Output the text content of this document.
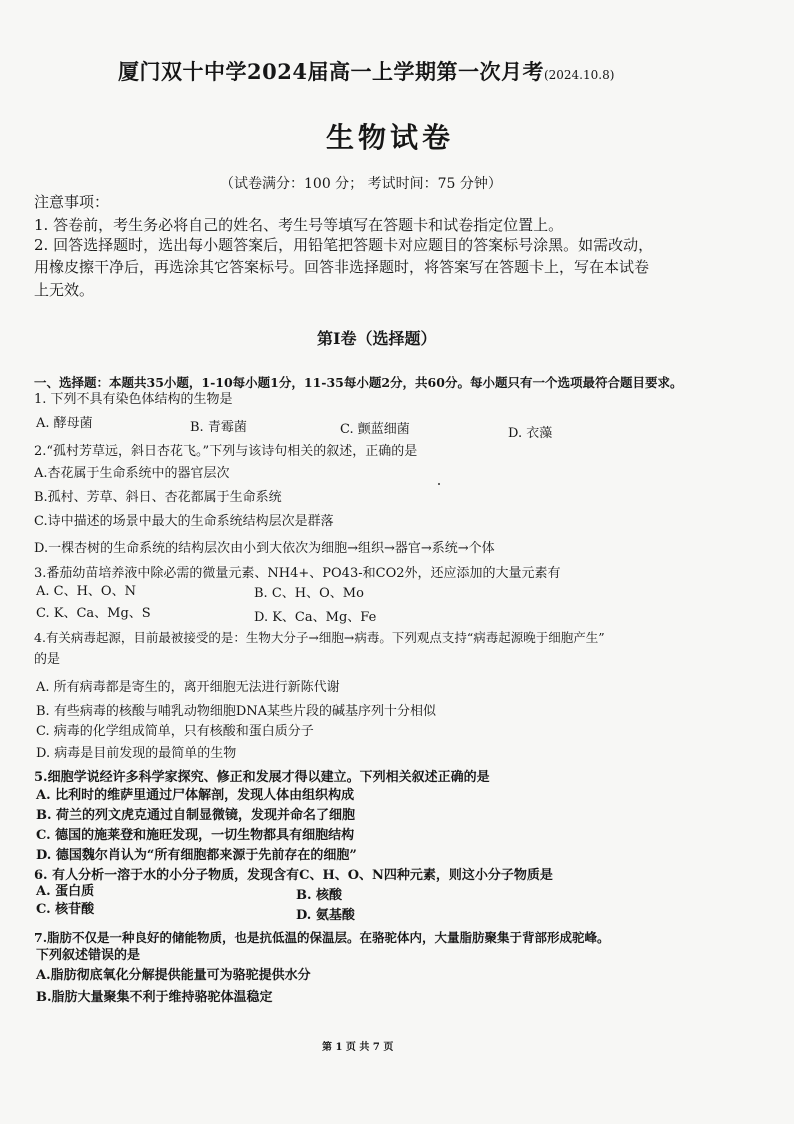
厦门双十中学2024届高一上学期第一次月考(2024.10.8)
生物试卷
（试卷满分：100 分； 考试时间：75 分钟）
注意事项：
1. 答卷前，考生务必将自己的姓名、考生号等填写在答题卡和试卷指定位置上。
2. 回答选择题时，选出每小题答案后，用铅笔把答题卡对应题目的答案标号涂黑。如需改动，
用橡皮擦干净后，再选涂其它答案标号。回答非选择题时，将答案写在答题卡上，写在本试卷
上无效。
第Ⅰ卷（选择题）
一、选择题：本题共35小题，1-10每小题1分，11-35每小题2分，共60分。每小题只有一个选项最符合题目要求。
1. 下列不具有染色体结构的生物是
A. 酵母菌	B. 青霉菌	C. 颤蓝细菌	D. 衣藻
2.“孤村芳草远，斜日杏花飞。”下列与该诗句相关的叙述，正确的是
A.杏花属于生命系统中的器官层次
B.孤村、芳草、斜日、杏花都属于生命系统
C.诗中描述的场景中最大的生命系统结构层次是群落
D.一棵杏树的生命系统的结构层次由小到大依次为细胞→组织→器官→系统→个体
3.番茄幼苗培养液中除必需的微量元素、NH4+、PO43-和CO2外，还应添加的大量元素有
A. C、H、O、N	B. C、H、O、Mo
C. K、Ca、Mg、S	D. K、Ca、Mg、Fe
4.有关病毒起源，目前最被接受的是：生物大分子→细胞→病毒。下列观点支持“病毒起源晚于细胞产生”
的是
A. 所有病毒都是寄生的，离开细胞无法进行新陈代谢
B. 有些病毒的核酸与哺乳动物细胞DNA某些片段的碱基序列十分相似
C. 病毒的化学组成简单，只有核酸和蛋白质分子
D. 病毒是目前发现的最简单的生物
5.细胞学说经许多科学家探究、修正和发展才得以建立。下列相关叙述正确的是
A. 比利时的维萨里通过尸体解剖，发现人体由组织构成
B. 荷兰的列文虎克通过自制显微镜，发现并命名了细胞
C. 德国的施莱登和施旺发现，一切生物都具有细胞结构
D. 德国魏尔肖认为“所有细胞都来源于先前存在的细胞”
6. 有人分析一溶于水的小分子物质，发现含有C、H、O、N四种元素，则这小分子物质是
A. 蛋白质	B. 核酸
C. 核苷酸	D. 氨基酸
7.脂肪不仅是一种良好的储能物质，也是抗低温的保温层。在骆驼体内，大量脂肪聚集于背部形成驼峰。
下列叙述错误的是
A.脂肪彻底氧化分解提供能量可为骆驼提供水分
B.脂肪大量聚集不利于维持骆驼体温稳定
第 1 页 共 7 页
